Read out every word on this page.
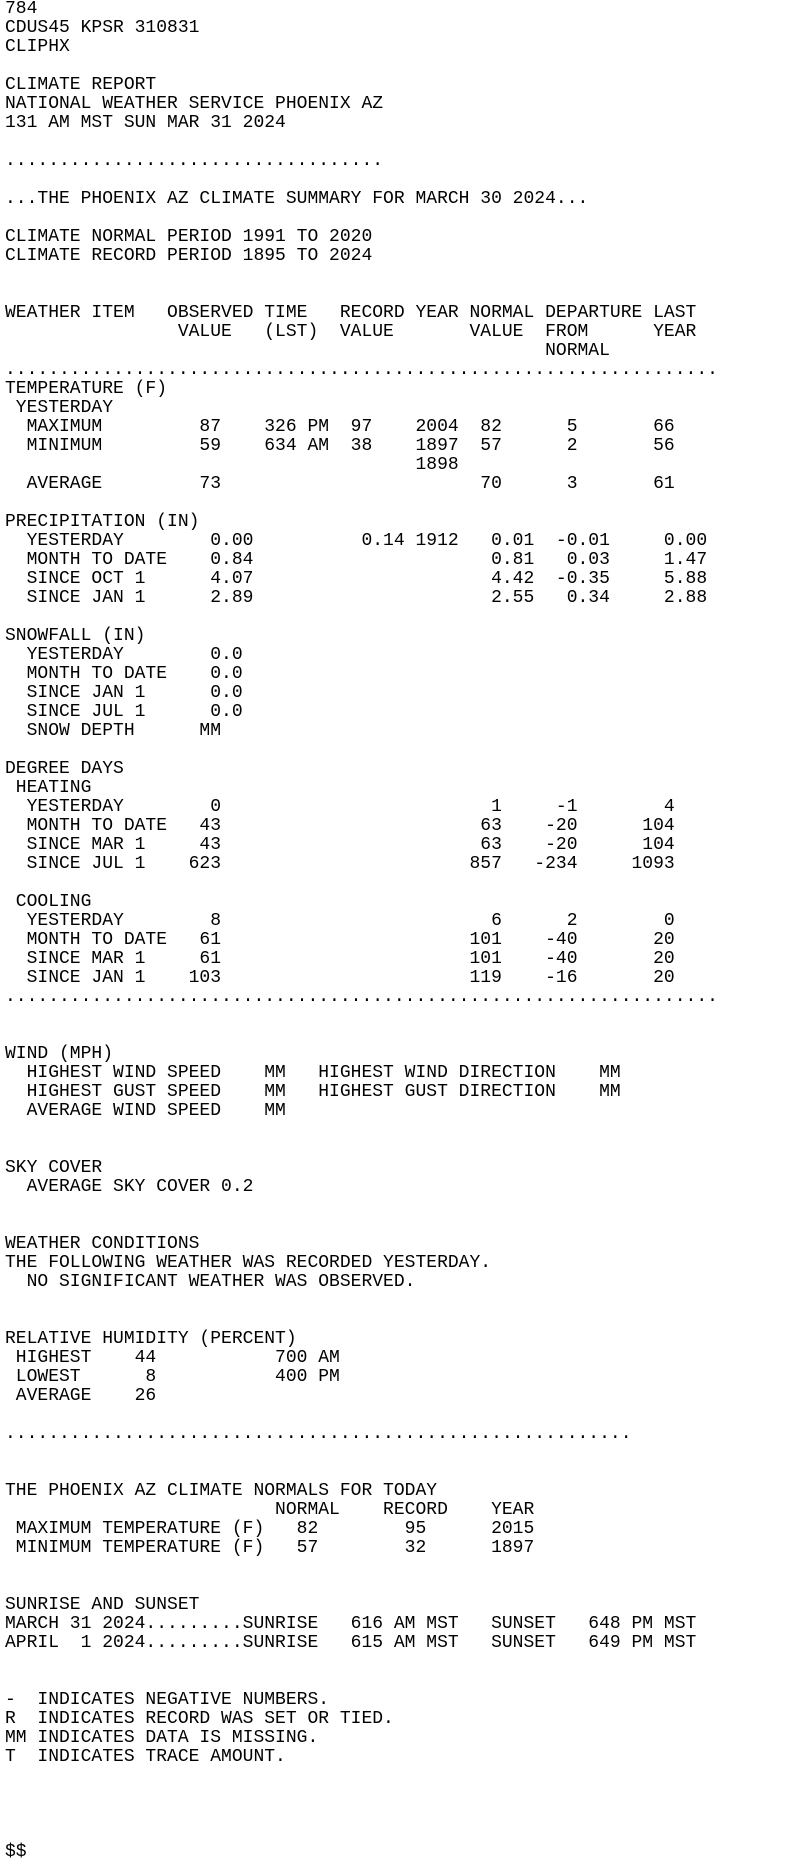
784
CDUS45 KPSR 310831
CLIPHX

CLIMATE REPORT
NATIONAL WEATHER SERVICE PHOENIX AZ
131 AM MST SUN MAR 31 2024

...................................

...THE PHOENIX AZ CLIMATE SUMMARY FOR MARCH 30 2024...

CLIMATE NORMAL PERIOD 1991 TO 2020
CLIMATE RECORD PERIOD 1895 TO 2024

WEATHER ITEM   OBSERVED TIME   RECORD YEAR NORMAL DEPARTURE LAST
VALUE   (LST)  VALUE       VALUE  FROM      YEAR
NORMAL
..................................................................
TEMPERATURE (F)
YESTERDAY
MAXIMUM         87    326 PM  97    2004  82      5       66
MINIMUM         59    634 AM  38    1897  57      2       56
1898
AVERAGE         73                        70      3       61

PRECIPITATION (IN)
YESTERDAY        0.00          0.14 1912   0.01  -0.01     0.00
MONTH TO DATE    0.84                      0.81   0.03     1.47
SINCE OCT 1      4.07                      4.42  -0.35     5.88
SINCE JAN 1      2.89                      2.55   0.34     2.88

SNOWFALL (IN)
YESTERDAY        0.0
MONTH TO DATE    0.0
SINCE JAN 1      0.0
SINCE JUL 1      0.0
SNOW DEPTH      MM

DEGREE DAYS
HEATING
YESTERDAY        0                         1     -1        4
MONTH TO DATE   43                        63    -20      104
SINCE MAR 1     43                        63    -20      104
SINCE JUL 1    623                       857   -234     1093

COOLING
YESTERDAY        8                         6      2        0
MONTH TO DATE   61                       101    -40       20
SINCE MAR 1     61                       101    -40       20
SINCE JAN 1    103                       119    -16       20
..................................................................

WIND (MPH)
HIGHEST WIND SPEED    MM   HIGHEST WIND DIRECTION    MM
HIGHEST GUST SPEED    MM   HIGHEST GUST DIRECTION    MM
AVERAGE WIND SPEED    MM

SKY COVER
AVERAGE SKY COVER 0.2

WEATHER CONDITIONS
THE FOLLOWING WEATHER WAS RECORDED YESTERDAY.
NO SIGNIFICANT WEATHER WAS OBSERVED.

RELATIVE HUMIDITY (PERCENT)
HIGHEST    44           700 AM
LOWEST      8           400 PM
AVERAGE    26

..........................................................

THE PHOENIX AZ CLIMATE NORMALS FOR TODAY
NORMAL    RECORD    YEAR
MAXIMUM TEMPERATURE (F)   82        95      2015
MINIMUM TEMPERATURE (F)   57        32      1897

SUNRISE AND SUNSET
MARCH 31 2024.........SUNRISE   616 AM MST   SUNSET   648 PM MST
APRIL  1 2024.........SUNRISE   615 AM MST   SUNSET   649 PM MST

-  INDICATES NEGATIVE NUMBERS.
R  INDICATES RECORD WAS SET OR TIED.
MM INDICATES DATA IS MISSING.
T  INDICATES TRACE AMOUNT.

$$
